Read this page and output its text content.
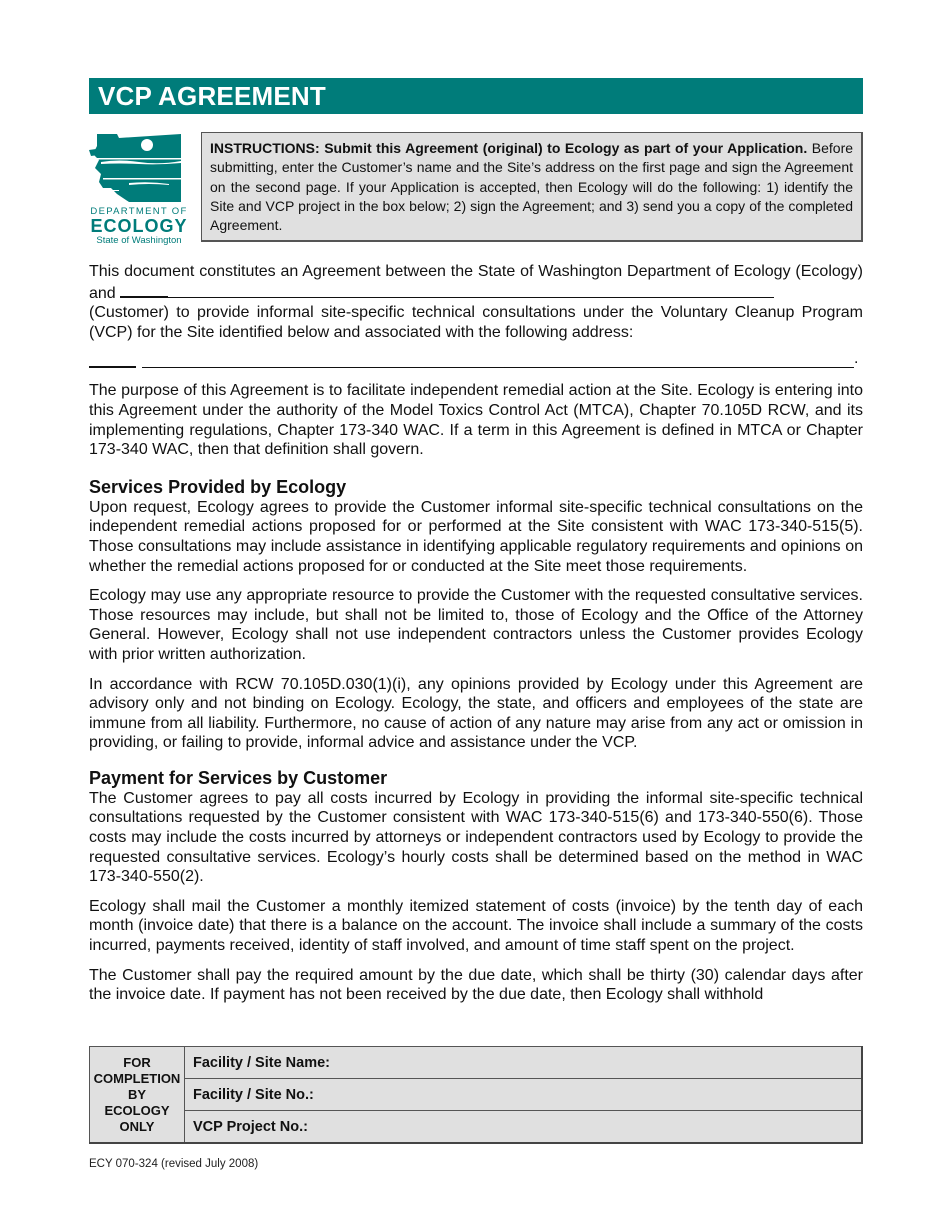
VCP AGREEMENT
DEPARTMENT OF
ECOLOGY
State of Washington
INSTRUCTIONS: Submit this Agreement (original) to Ecology as part of your Application. Before submitting, enter the Customer’s name and the Site’s address on the first page and sign the Agreement on the second page. If your Application is accepted, then Ecology will do the following: 1) identify the Site and VCP project in the box below; 2) sign the Agreement; and 3) send you a copy of the completed Agreement.

This document constitutes an Agreement between the State of Washington Department of Ecology (Ecology) and

(Customer) to provide informal site-specific technical consultations under the Voluntary Cleanup Program (VCP) for the Site identified below and associated with the following address:

.

The purpose of this Agreement is to facilitate independent remedial action at the Site. Ecology is entering into this Agreement under the authority of the Model Toxics Control Act (MTCA), Chapter 70.105D RCW, and its implementing regulations, Chapter 173-340 WAC. If a term in this Agreement is defined in MTCA or Chapter 173-340 WAC, then that definition shall govern.

Services Provided by Ecology

Upon request, Ecology agrees to provide the Customer informal site-specific technical consultations on the independent remedial actions proposed for or performed at the Site consistent with WAC 173-340-515(5). Those consultations may include assistance in identifying applicable regulatory requirements and opinions on whether the remedial actions proposed for or conducted at the Site meet those requirements.

Ecology may use any appropriate resource to provide the Customer with the requested consultative services. Those resources may include, but shall not be limited to, those of Ecology and the Office of the Attorney General. However, Ecology shall not use independent contractors unless the Customer provides Ecology with prior written authorization.

In accordance with RCW 70.105D.030(1)(i), any opinions provided by Ecology under this Agreement are advisory only and not binding on Ecology. Ecology, the state, and officers and employees of the state are immune from all liability. Furthermore, no cause of action of any nature may arise from any act or omission in providing, or failing to provide, informal advice and assistance under the VCP.

Payment for Services by Customer

The Customer agrees to pay all costs incurred by Ecology in providing the informal site-specific technical consultations requested by the Customer consistent with WAC 173-340-515(6) and 173-340-550(6). Those costs may include the costs incurred by attorneys or independent contractors used by Ecology to provide the requested consultative services. Ecology’s hourly costs shall be determined based on the method in WAC 173-340-550(2).

Ecology shall mail the Customer a monthly itemized statement of costs (invoice) by the tenth day of each month (invoice date) that there is a balance on the account. The invoice shall include a summary of the costs incurred, payments received, identity of staff involved, and amount of time staff spent on the project.

The Customer shall pay the required amount by the due date, which shall be thirty (30) calendar days after the invoice date. If payment has not been received by the due date, then Ecology shall withhold

FOR
COMPLETION
BY
ECOLOGY
ONLY
	Facility / Site Name:
Facility / Site No.:
VCP Project No.:
ECY 070-324 (revised July 2008)
